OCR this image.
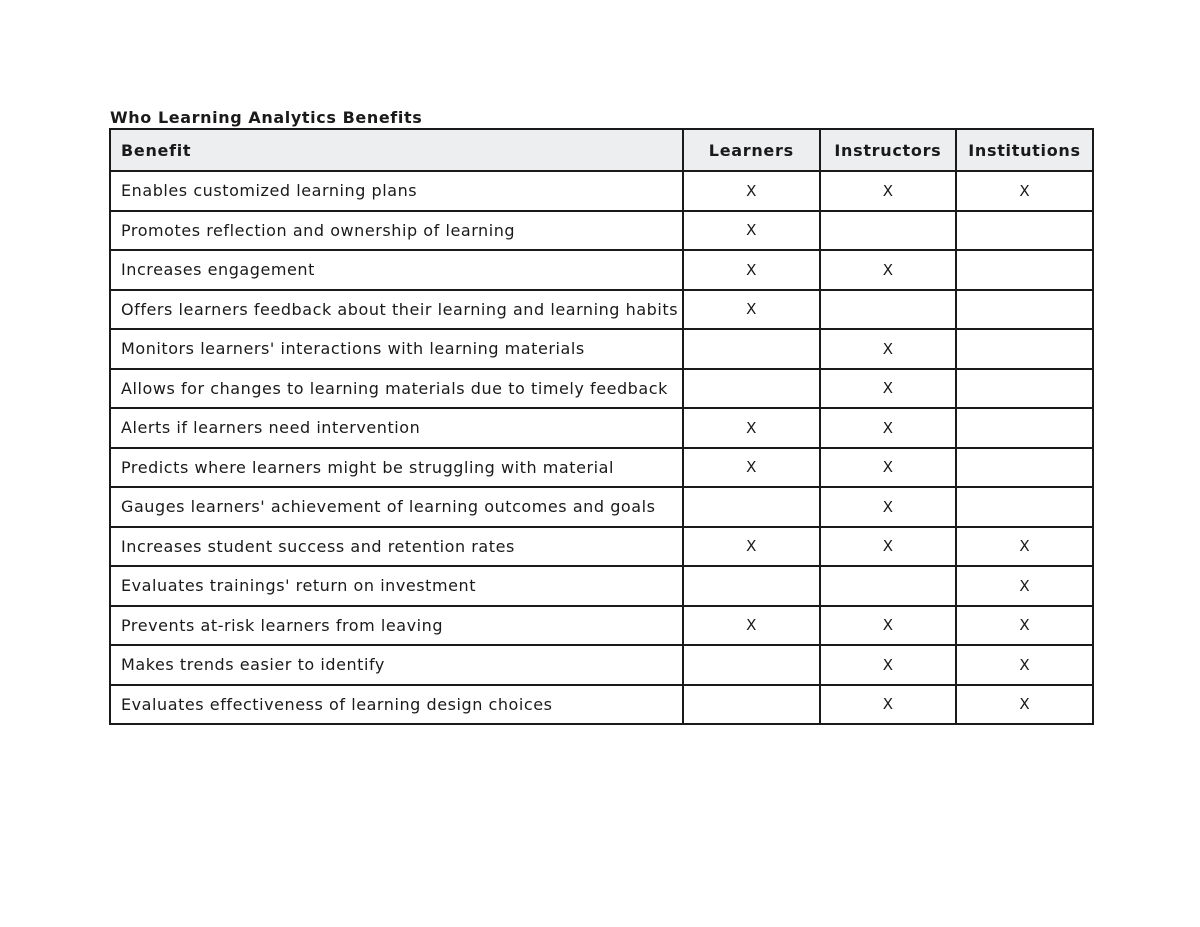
Who Learning Analytics Benefits
Benefit	Learners	Instructors	Institutions
Enables customized learning plans	X	X	X
Promotes reflection and ownership of learning	X		
Increases engagement	X	X	
Offers learners feedback about their learning and learning habits	X		
Monitors learners' interactions with learning materials		X	
Allows for changes to learning materials due to timely feedback		X	
Alerts if learners need intervention	X	X	
Predicts where learners might be struggling with material	X	X	
Gauges learners' achievement of learning outcomes and goals		X	
Increases student success and retention rates	X	X	X
Evaluates trainings' return on investment			X
Prevents at-risk learners from leaving	X	X	X
Makes trends easier to identify		X	X
Evaluates effectiveness of learning design choices		X	X
